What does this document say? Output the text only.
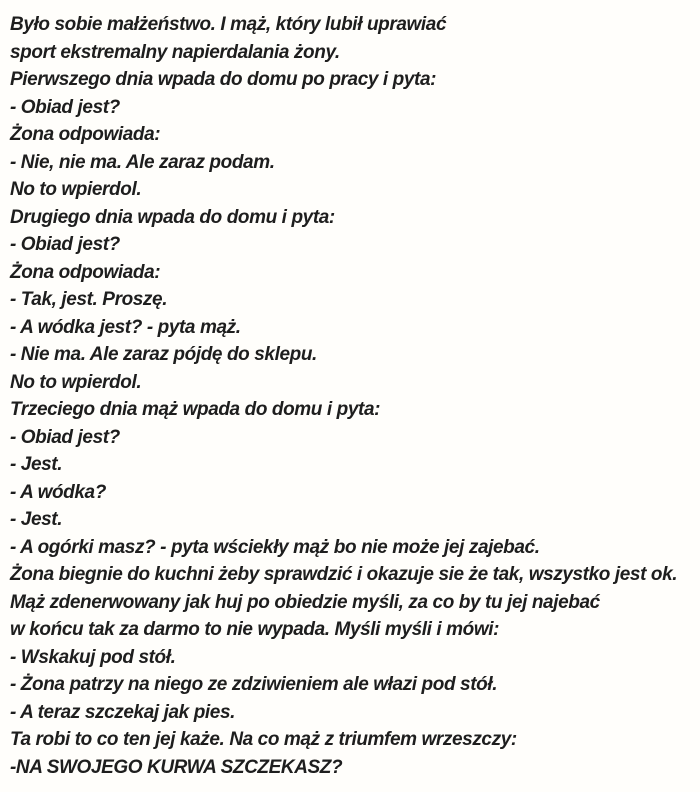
Było sobie małżeństwo. I mąż, który lubił uprawiać
sport ekstremalny napierdalania żony.
Pierwszego dnia wpada do domu po pracy i pyta:
- Obiad jest?
Żona odpowiada:
- Nie, nie ma. Ale zaraz podam.
No to wpierdol.
Drugiego dnia wpada do domu i pyta:
- Obiad jest?
Żona odpowiada:
- Tak, jest. Proszę.
- A wódka jest? - pyta mąż.
- Nie ma. Ale zaraz pójdę do sklepu.
No to wpierdol.
Trzeciego dnia mąż wpada do domu i pyta:
- Obiad jest?
- Jest.
- A wódka?
- Jest.
- A ogórki masz? - pyta wściekły mąż bo nie może jej zajebać.
Żona biegnie do kuchni żeby sprawdzić i okazuje sie że tak, wszystko jest ok.
Mąż zdenerwowany jak huj po obiedzie myśli, za co by tu jej najebać
w końcu tak za darmo to nie wypada. Myśli myśli i mówi:
- Wskakuj pod stół.
- Żona patrzy na niego ze zdziwieniem ale włazi pod stół.
- A teraz szczekaj jak pies.
Ta robi to co ten jej każe. Na co mąż z triumfem wrzeszczy:
-NA SWOJEGO KURWA SZCZEKASZ?
